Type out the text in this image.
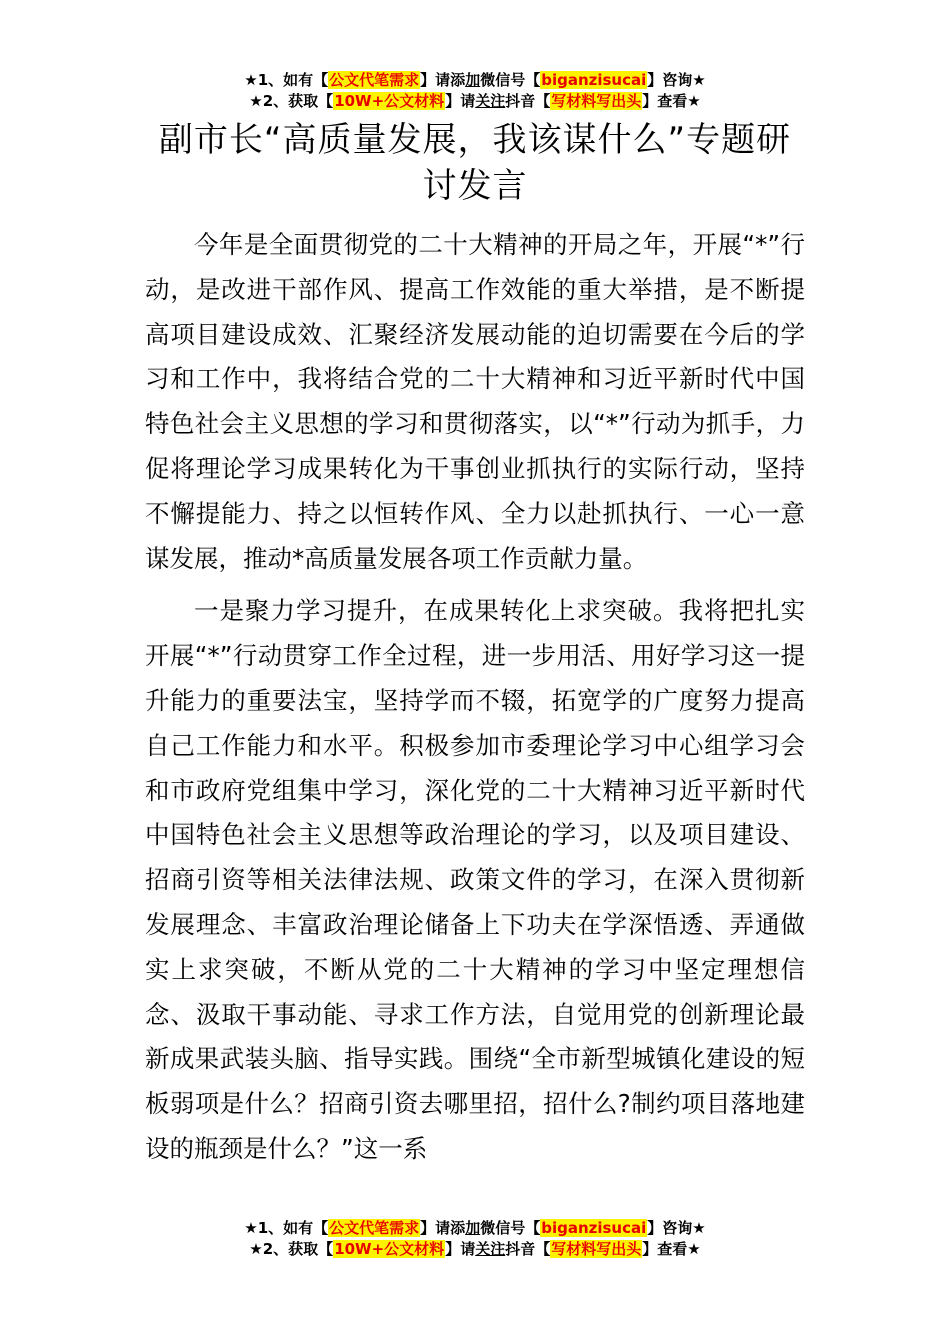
★1、如有【公文代笔需求】请添加微信号【biganzisucai】咨询★
★2、获取【10W+公文材料】请关注抖音【写材料写出头】查看★
副市长“高质量发展，我该谋什么”专题研讨发言

今年是全面贯彻党的二十大精神的开局之年，开展“*”行动，是改进干部作风、提高工作效能的重大举措，是不断提高项目建设成效、汇聚经济发展动能的迫切需要在今后的学习和工作中，我将结合党的二十大精神和习近平新时代中国特色社会主义思想的学习和贯彻落实，以“*”行动为抓手，力促将理论学习成果转化为干事创业抓执行的实际行动，坚持不懈提能力、持之以恒转作风、全力以赴抓执行、一心一意谋发展，推动*高质量发展各项工作贡献力量。

一是聚力学习提升，在成果转化上求突破。我将把扎实开展“*”行动贯穿工作全过程，进一步用活、用好学习这一提升能力的重要法宝，坚持学而不辍，拓宽学的广度努力提高自己工作能力和水平。积极参加市委理论学习中心组学习会和市政府党组集中学习，深化党的二十大精神习近平新时代中国特色社会主义思想等政治理论的学习，以及项目建设、招商引资等相关法律法规、政策文件的学习，在深入贯彻新发展理念、丰富政治理论储备上下功夫在学深悟透、弄通做实上求突破，不断从党的二十大精神的学习中坚定理想信念、汲取干事动能、寻求工作方法，自觉用党的创新理论最新成果武装头脑、指导实践。围绕“全市新型城镇化建设的短板弱项是什么？招商引资去哪里招，招什么?制约项目落地建设的瓶颈是什么？”这一系

★1、如有【公文代笔需求】请添加微信号【biganzisucai】咨询★
★2、获取【10W+公文材料】请关注抖音【写材料写出头】查看★
